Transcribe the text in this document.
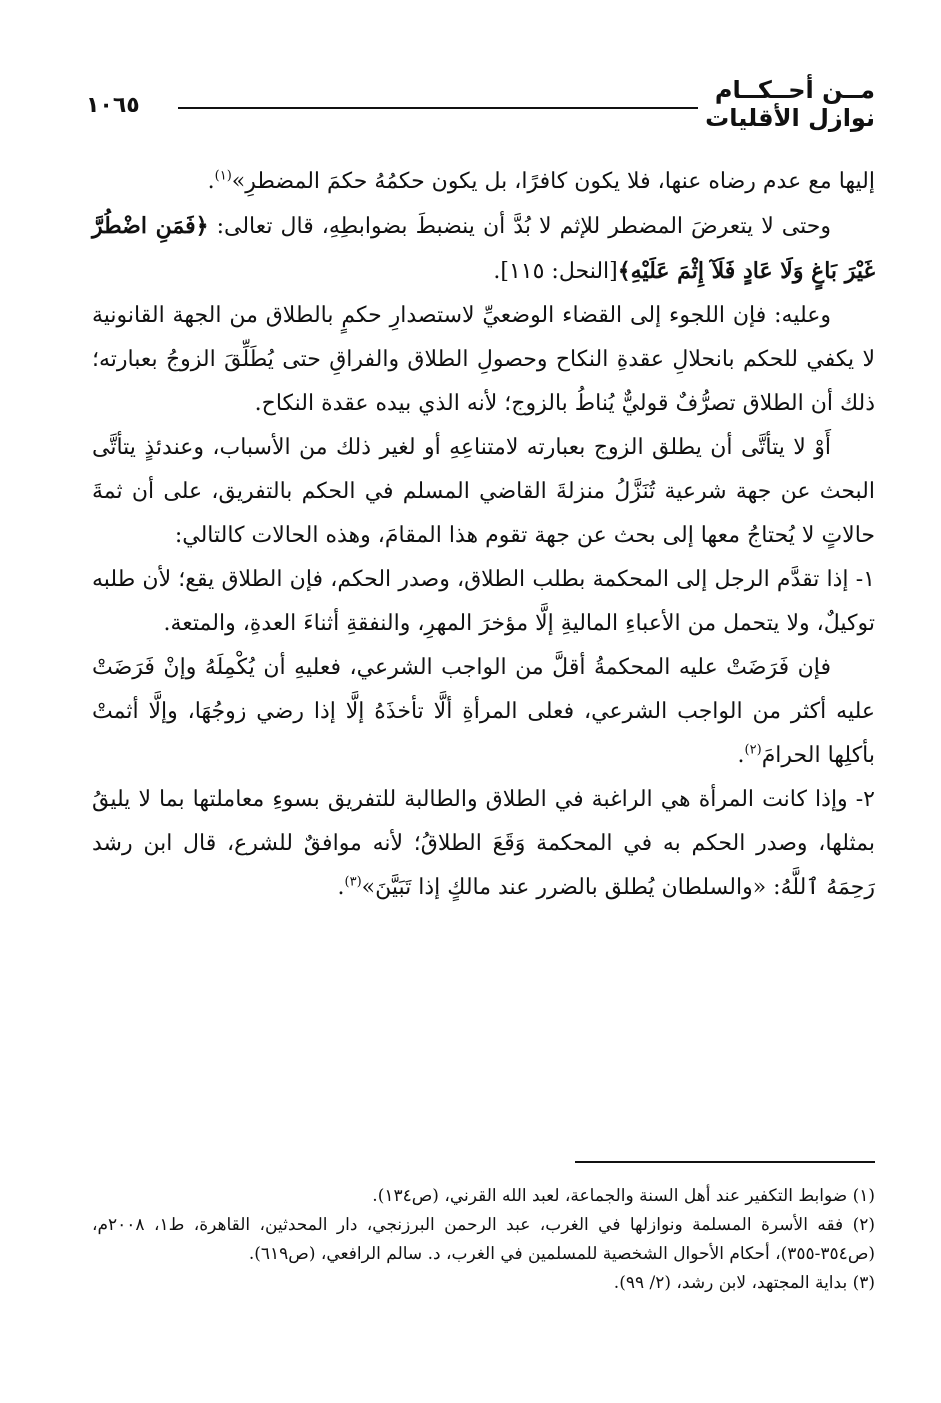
مــن أحــكــام
نوازل الأقليات
١٠٦٥

إليها مع عدم رضاه عنها، فلا يكون كافرًا، بل يكون حكمُهُ حكمَ المضطرِ»$^{(١)}$.

وحتى لا يتعرضَ المضطر للإثم لا بُدَّ أن ينضبطَ بضوابطِهِ، قال تعالى: ﴿فَمَنِ اضْطُرَّ غَيْرَ بَاغٍ وَلَا عَادٍ فَلَآ إِثْمَ عَلَيْهِ﴾[النحل: ١١٥].

وعليه: فإن اللجوء إلى القضاء الوضعيِّ لاستصدارِ حكمٍ بالطلاق من الجهة القانونية لا يكفي للحكم بانحلالِ عقدةِ النكاح وحصولِ الطلاق والفراقِ حتى يُطَلِّقَ الزوجُ بعبارته؛ ذلك أن الطلاق تصرُّفٌ قوليٌّ يُناطُ بالزوج؛ لأنه الذي بيده عقدة النكاح.

أَوْ لا يتأتَّى أن يطلق الزوج بعبارته لامتناعِهِ أو لغير ذلك من الأسباب، وعندئذٍ يتأتَّى البحث عن جهة شرعية تُنَزَّلُ منزلةَ القاضي المسلم في الحكم بالتفريق، على أن ثمةَ حالاتٍ لا يُحتاجُ معها إلى بحث عن جهة تقوم هذا المقامَ، وهذه الحالات كالتالي:

١- إذا تقدَّم الرجل إلى المحكمة بطلب الطلاق، وصدر الحكم، فإن الطلاق يقع؛ لأن طلبه توكيلٌ، ولا يتحمل من الأعباءِ الماليةِ إلَّا مؤخرَ المهرِ، والنفقةِ أثناءَ العدةِ، والمتعة.

فإن فَرَضَتْ عليه المحكمةُ أقلَّ من الواجب الشرعي، فعليهِ أن يُكْمِلَهُ وإنْ فَرَضَتْ عليه أكثر من الواجب الشرعي، فعلى المرأةِ ألَّا تأخذَهُ إلَّا إذا رضي زوجُهَا، وإلَّا أثمتْ بأكلِها الحرامَ$^{(٢)}$.

٢- وإذا كانت المرأة هي الراغبة في الطلاق والطالبة للتفريق بسوءِ معاملتها بما لا يليقُ بمثلها، وصدر الحكم به في المحكمة وَقَعَ الطلاقُ؛ لأنه موافقٌ للشرع، قال ابن رشد رَحِمَهُ ٱللَّهُ: «والسلطان يُطلق بالضرر عند مالكٍ إذا تَبَيَّنَ»$^{(٣)}$.

(١) ضوابط التكفير عند أهل السنة والجماعة، لعبد الله القرني، (ص١٣٤).

(٢) فقه الأسرة المسلمة ونوازلها في الغرب، عبد الرحمن البرزنجي، دار المحدثين، القاهرة، ط١، ٢٠٠٨م، (ص٣٥٤-٣٥٥)، أحكام الأحوال الشخصية للمسلمين في الغرب، د. سالم الرافعي، (ص٦١٩).

(٣) بداية المجتهد، لابن رشد، (٢/ ٩٩).
